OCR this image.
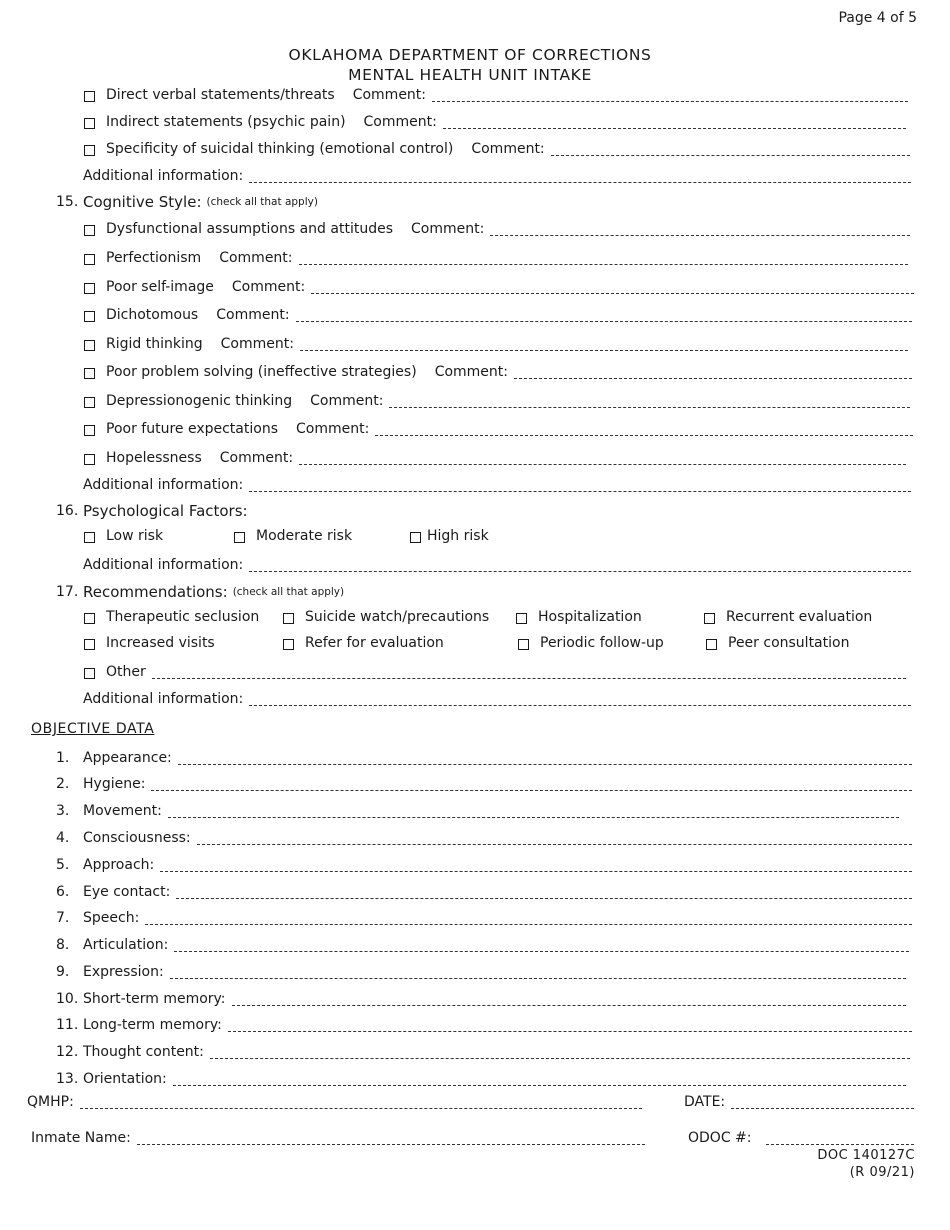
Page 4 of 5
OKLAHOMA DEPARTMENT OF CORRECTIONS
MENTAL HEALTH UNIT INTAKE
Direct verbal statements/threats Comment:
Indirect statements (psychic pain) Comment:
Specificity of suicidal thinking (emotional control) Comment:
Additional information:
15. Cognitive Style: (check all that apply)
Dysfunctional assumptions and attitudes Comment:
Perfectionism Comment:
Poor self-image Comment:
Dichotomous Comment:
Rigid thinking Comment:
Poor problem solving (ineffective strategies) Comment:
Depressionogenic thinking Comment:
Poor future expectations Comment:
Hopelessness Comment:
Additional information:
16. Psychological Factors:
Low risk	Moderate risk	High risk
Additional information:
17. Recommendations: (check all that apply)
Therapeutic seclusion	Suicide watch/precautions	Hospitalization	Recurrent evaluation
Increased visits	Refer for evaluation	Periodic follow-up	Peer consultation
Other
Additional information:
OBJECTIVE DATA
1. Appearance:
2. Hygiene:
3. Movement:
4. Consciousness:
5. Approach:
6. Eye contact:
7. Speech:
8. Articulation:
9. Expression:
10. Short-term memory:
11. Long-term memory:
12. Thought content:
13. Orientation:
QMHP:	DATE:
Inmate Name:	ODOC #:
DOC 140127C
(R 09/21)
